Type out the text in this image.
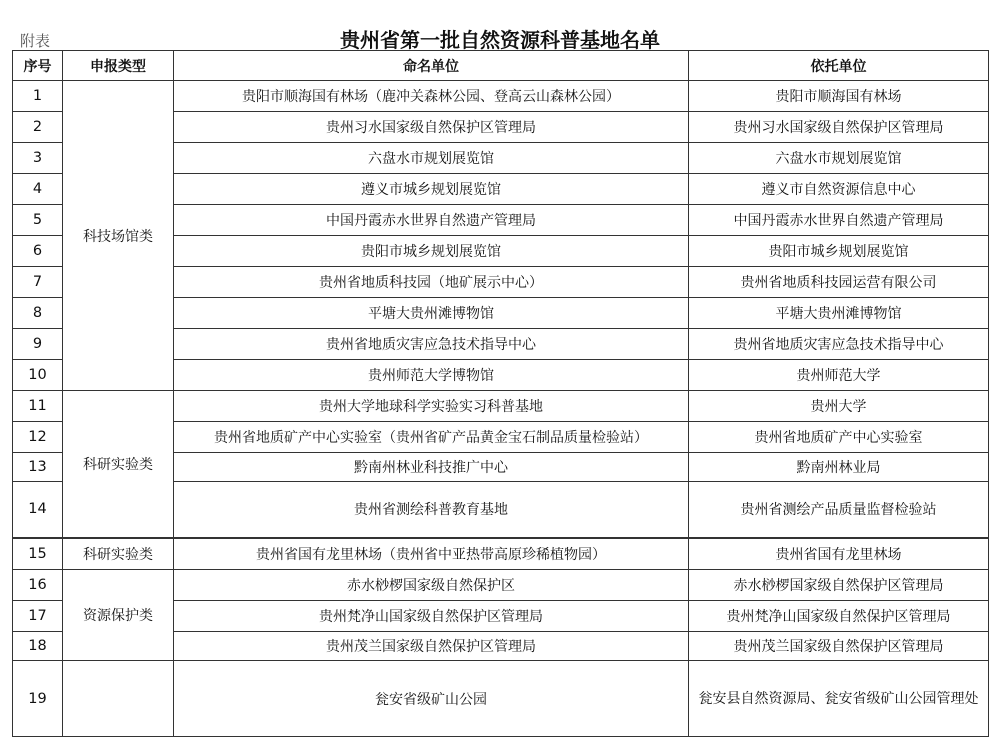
附表	贵州省第一批自然资源科普基地名单
序号	申报类型	命名单位	依托单位
1	科技场馆类	贵阳市顺海国有林场（鹿冲关森林公园、登高云山森林公园）	贵阳市顺海国有林场
2		贵州习水国家级自然保护区管理局	贵州习水国家级自然保护区管理局
3		六盘水市规划展览馆	六盘水市规划展览馆
4		遵义市城乡规划展览馆	遵义市自然资源信息中心
5		中国丹霞赤水世界自然遗产管理局	中国丹霞赤水世界自然遗产管理局
6		贵阳市城乡规划展览馆	贵阳市城乡规划展览馆
7		贵州省地质科技园（地矿展示中心）	贵州省地质科技园运营有限公司
8		平塘大贵州滩博物馆	平塘大贵州滩博物馆
9		贵州省地质灾害应急技术指导中心	贵州省地质灾害应急技术指导中心
10		贵州师范大学博物馆	贵州师范大学
11	科研实验类	贵州大学地球科学实验实习科普基地	贵州大学
12		贵州省地质矿产中心实验室（贵州省矿产品黄金宝石制品质量检验站）	贵州省地质矿产中心实验室
13		黔南州林业科技推广中心	黔南州林业局
14		贵州省测绘科普教育基地	贵州省测绘产品质量监督检验站
15	科研实验类	贵州省国有龙里林场（贵州省中亚热带高原珍稀植物园）	贵州省国有龙里林场
16	资源保护类	赤水桫椤国家级自然保护区	赤水桫椤国家级自然保护区管理局
17		贵州梵净山国家级自然保护区管理局	贵州梵净山国家级自然保护区管理局
18		贵州茂兰国家级自然保护区管理局	贵州茂兰国家级自然保护区管理局
19		瓮安省级矿山公园	瓮安县自然资源局、瓮安省级矿山公园管理处
